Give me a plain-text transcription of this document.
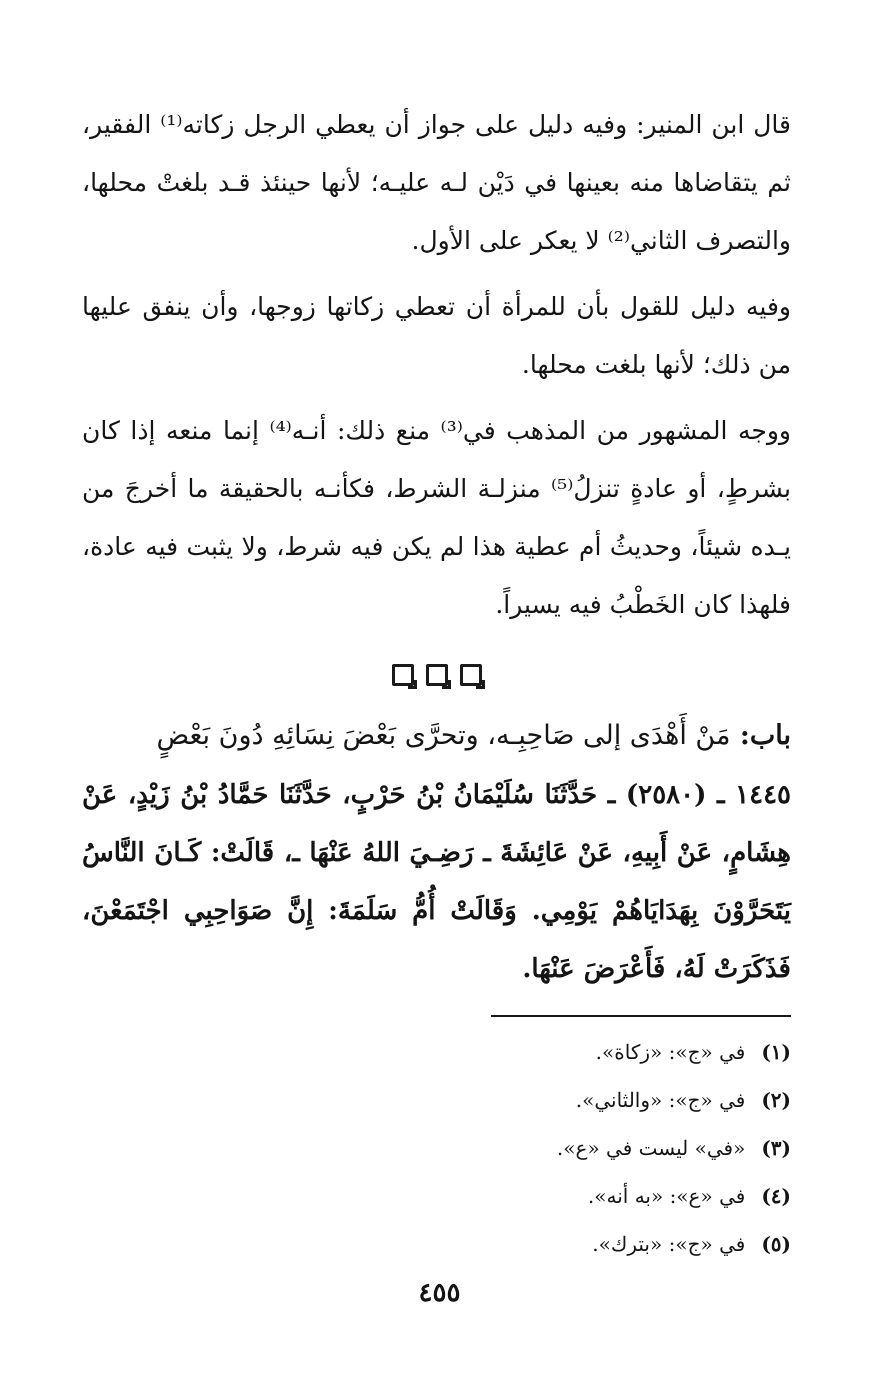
قال ابن المنير: وفيه دليل على جواز أن يعطي الرجل زكاته⁽¹⁾ الفقير، ثم يتقاضاها منه بعينها في دَيْن لـه عليـه؛ لأنها حينئذ قـد بلغتْ محلها، والتصرف الثاني⁽²⁾ لا يعكر على الأول.

وفيه دليل للقول بأن للمرأة أن تعطي زكاتها زوجها، وأن ينفق عليها من ذلك؛ لأنها بلغت محلها.

ووجه المشهور من المذهب في⁽³⁾ منع ذلك: أنـه⁽⁴⁾ إنما منعه إذا كان بشرطٍ، أو عادةٍ تنزلُ⁽⁵⁾ منزلـة الشرط، فكأنـه بالحقيقة ما أخرجَ من يـده شيئاً، وحديثُ أم عطية هذا لم يكن فيه شرط، ولا يثبت فيه عادة، فلهذا كان الخَطْبُ فيه يسيراً.

باب: مَنْ أَهْدَى إلى صَاحِبِـه، وتحرَّى بَعْضَ نِسَائِهِ دُونَ بَعْضٍ

١٤٤٥ ـ (٢٥٨٠) ـ حَدَّثَنَا سُلَيْمَانُ بْنُ حَرْبٍ، حَدَّثَنَا حَمَّادُ بْنُ زَيْدٍ، عَنْ هِشَامٍ، عَنْ أَبِيهِ، عَنْ عَائِشَةَ ـ رَضِـيَ اللهُ عَنْهَا ـ، قَالَتْ: كَـانَ النَّاسُ يَتَحَرَّوْنَ بِهَدَايَاهُمْ يَوْمِي. وَقَالَتْ أُمُّ سَلَمَةَ: إِنَّ صَوَاحِبِي اجْتَمَعْنَ، فَذَكَرَتْ لَهُ، فَأَعْرَضَ عَنْهَا.

(١)
في «ج»: «زكاة».
(٢)
في «ج»: «والثاني».
(٣)
«في» ليست في «ع».
(٤)
في «ع»: «به أنه».
(٥)
في «ج»: «بترك».
٤٥٥
